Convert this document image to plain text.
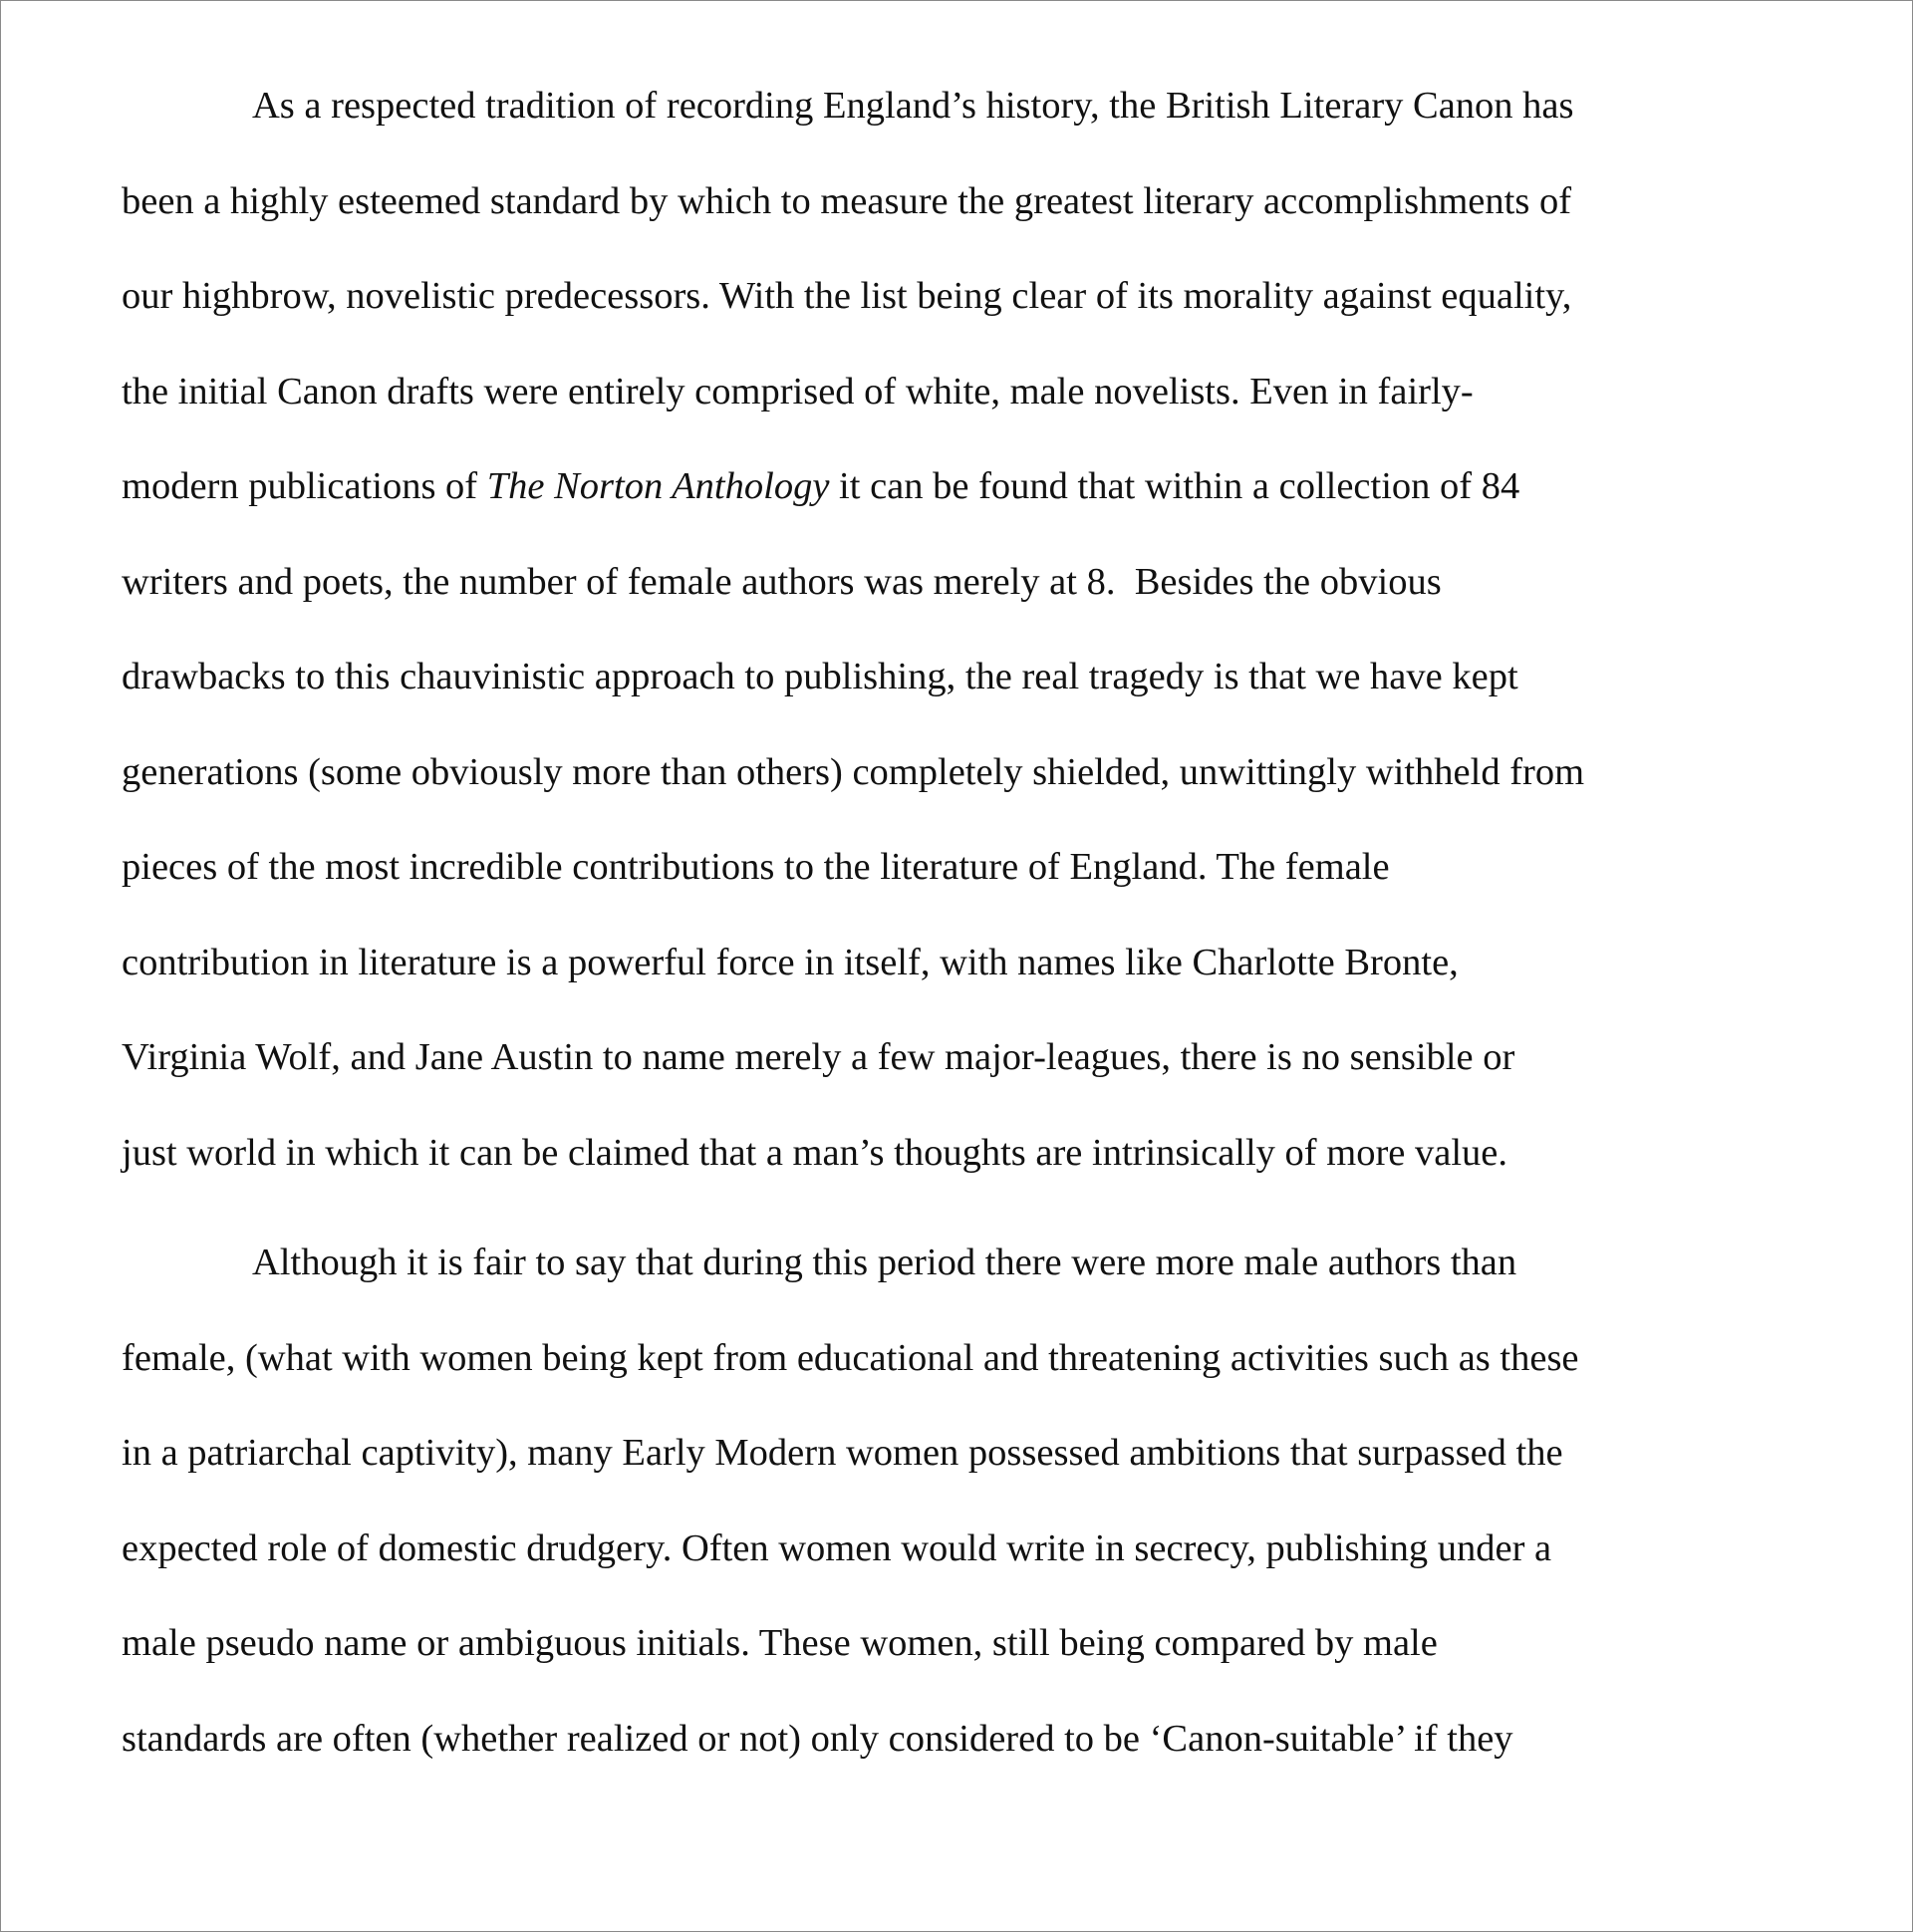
As a respected tradition of recording England’s history, the British Literary Canon has
been a highly esteemed standard by which to measure the greatest literary accomplishments of
our highbrow, novelistic predecessors. With the list being clear of its morality against equality,
the initial Canon drafts were entirely comprised of white, male novelists. Even in fairly-
modern publications of The Norton Anthology it can be found that within a collection of 84
writers and poets, the number of female authors was merely at 8.  Besides the obvious
drawbacks to this chauvinistic approach to publishing, the real tragedy is that we have kept
generations (some obviously more than others) completely shielded, unwittingly withheld from
pieces of the most incredible contributions to the literature of England. The female
contribution in literature is a powerful force in itself, with names like Charlotte Bronte,
Virginia Wolf, and Jane Austin to name merely a few major-leagues, there is no sensible or
just world in which it can be claimed that a man’s thoughts are intrinsically of more value.
Although it is fair to say that during this period there were more male authors than
female, (what with women being kept from educational and threatening activities such as these
in a patriarchal captivity), many Early Modern women possessed ambitions that surpassed the
expected role of domestic drudgery. Often women would write in secrecy, publishing under a
male pseudo name or ambiguous initials. These women, still being compared by male
standards are often (whether realized or not) only considered to be ‘Canon-suitable’ if they
